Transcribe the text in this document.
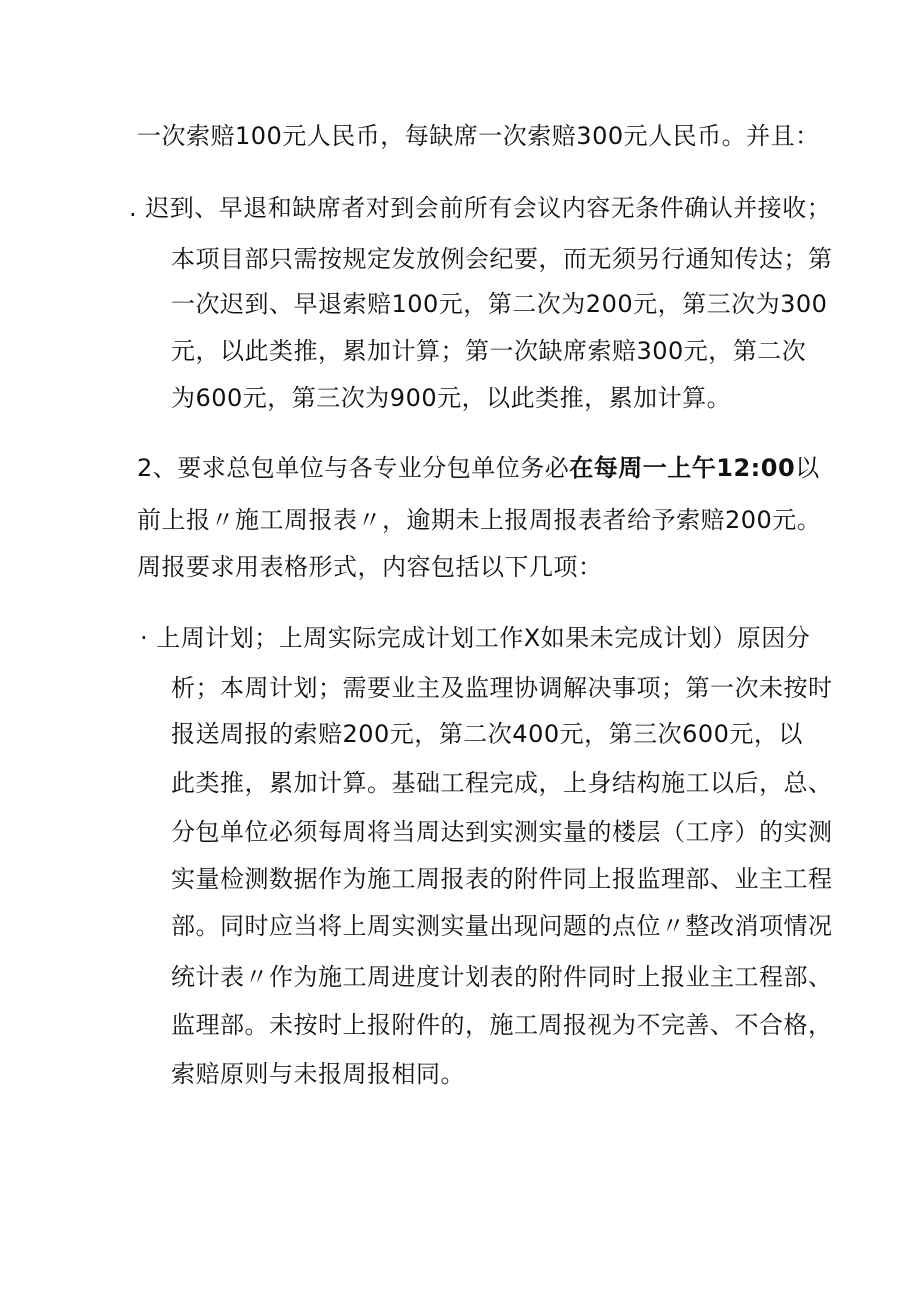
一次索赔100元人民币，每缺席一次索赔300元人民币。并且：

. 迟到、早退和缺席者对到会前所有会议内容无条件确认并接收；

本项目部只需按规定发放例会纪要，而无须另行通知传达；第

一次迟到、早退索赔100元，第二次为200元，第三次为300

元，以此类推，累加计算；第一次缺席索赔300元，第二次

为600元，第三次为900元，以此类推，累加计算。

2、要求总包单位与各专业分包单位务必在每周一上午12:00以

前上报〃施工周报表〃，逾期未上报周报表者给予索赔200元。

周报要求用表格形式，内容包括以下几项：

· 上周计划；上周实际完成计划工作X如果未完成计划）原因分

析；本周计划；需要业主及监理协调解决事项；第一次未按时

报送周报的索赔200元，第二次400元，第三次600元，以

此类推，累加计算。基础工程完成，上身结构施工以后，总、

分包单位必须每周将当周达到实测实量的楼层（工序）的实测

实量检测数据作为施工周报表的附件同上报监理部、业主工程

部。同时应当将上周实测实量出现问题的点位〃整改消项情况

统计表〃作为施工周进度计划表的附件同时上报业主工程部、

监理部。未按时上报附件的，施工周报视为不完善、不合格，

索赔原则与未报周报相同。
